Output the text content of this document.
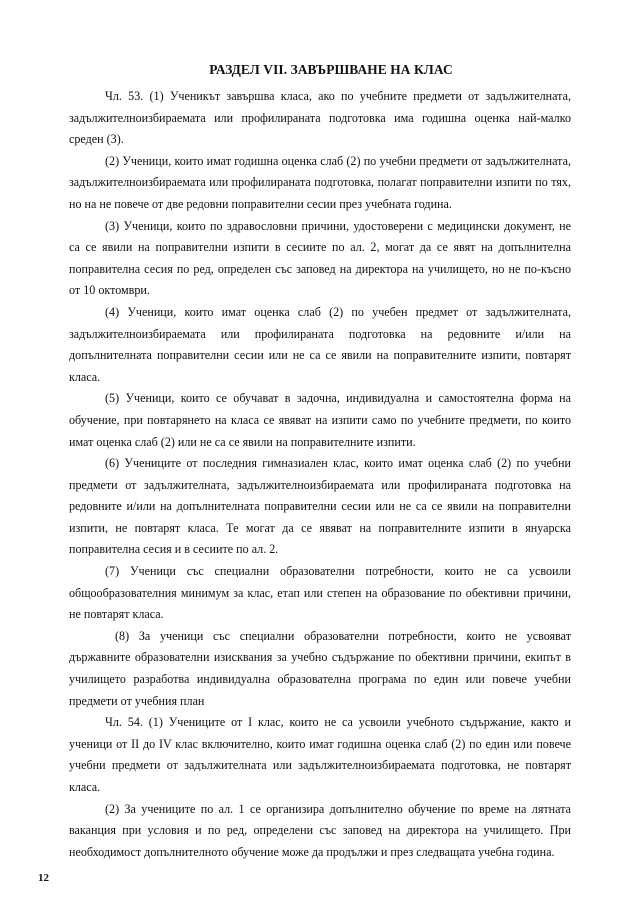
РАЗДЕЛ VII. ЗАВЪРШВАНЕ НА КЛАС

Чл. 53. (1) Ученикът завършва класа, ако по учебните предмети от задължителната, задължителноизбираемата или профилираната подготовка има годишна оценка най-малко среден (3).

(2) Ученици, които имат годишна оценка слаб (2) по учебни предмети от задължителната, задължителноизбираемата или профилираната подготовка, полагат поправителни изпити по тях, но на не повече от две редовни поправителни сесии през учебната година.

(3) Ученици, които по здравословни причини, удостоверени с медицински документ, не са се явили на поправителни изпити в сесиите по ал. 2, могат да се явят на допълнителна поправителна сесия по ред, определен със заповед на директора на училището, но не по-късно от 10 октомври.

(4) Ученици, които имат оценка слаб (2) по учебен предмет от задължителната, задължителноизбираемата или профилираната подготовка на редовните и/или на допълнителната поправителни сесии или не са се явили на поправителните изпити, повтарят класа.

(5) Ученици, които се обучават в задочна, индивидуална и самостоятелна форма на обучение, при повтарянето на класа се явяват на изпити само по учебните предмети, по които имат оценка слаб (2) или не са се явили на поправителните изпити.

(6) Учениците от последния гимназиален клас, които имат оценка слаб (2) по учебни предмети от задължителната, задължителноизбираемата или профилираната подготовка на редовните и/или на допълнителната поправителни сесии или не са се явили на поправителни изпити, не повтарят класа. Те могат да се явяват на поправителните изпити в януарска поправителна сесия и в сесиите по ал. 2.

(7) Ученици със специални образователни потребности, които не са усвоили общообразователния минимум за клас, етап или степен на образование по обективни причини, не повтарят класа.

(8) За ученици със специални образователни потребности, които не усвояват държавните образователни изисквания за учебно съдържание по обективни причини, екипът в училището разработва индивидуална образователна програма по един или повече учебни предмети от учебния план

Чл. 54. (1) Учениците от I клас, които не са усвоили учебното съдържание, както и ученици от II до IV клас включително, които имат годишна оценка слаб (2) по един или повече учебни предмети от задължителната или задължителноизбираемата подготовка, не повтарят класа.

(2) За учениците по ал. 1 се организира допълнително обучение по време на лятната ваканция при условия и по ред, определени със заповед на директора на училището. При необходимост допълнителното обучение може да продължи и през следващата учебна година.

12
